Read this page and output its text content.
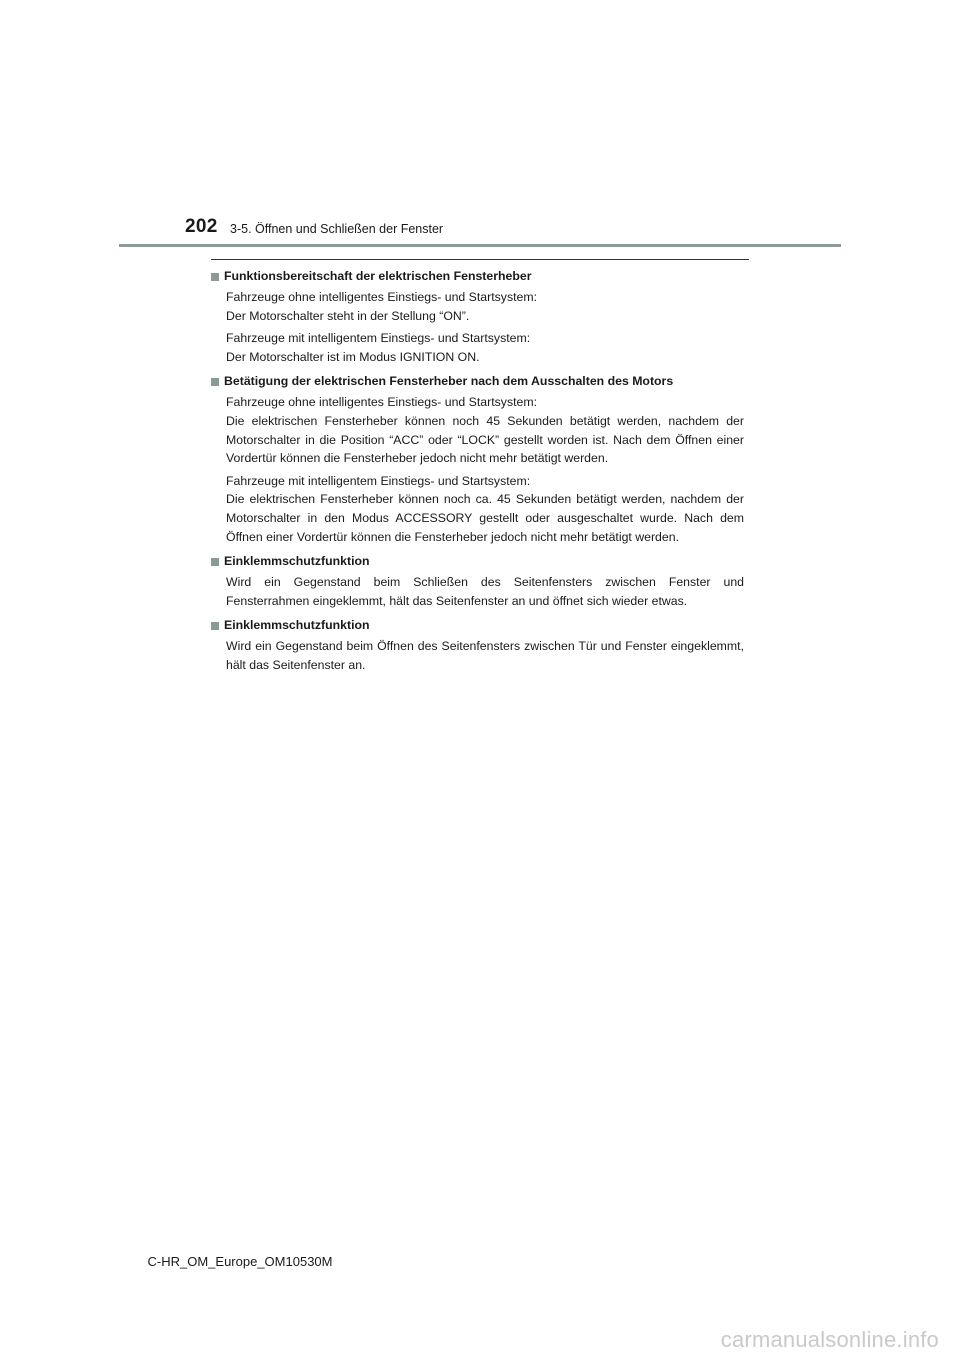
202 3-5. Öffnen und Schließen der Fenster
Funktionsbereitschaft der elektrischen Fensterheber

Fahrzeuge ohne intelligentes Einstiegs- und Startsystem:
Der Motorschalter steht in der Stellung “ON”.

Fahrzeuge mit intelligentem Einstiegs- und Startsystem:
Der Motorschalter ist im Modus IGNITION ON.

Betätigung der elektrischen Fensterheber nach dem Ausschalten des Motors

Fahrzeuge ohne intelligentes Einstiegs- und Startsystem:
Die elektrischen Fensterheber können noch 45 Sekunden betätigt werden, nachdem der Motorschalter in die Position “ACC” oder “LOCK” gestellt worden ist. Nach dem Öffnen einer Vordertür können die Fensterheber jedoch nicht mehr betätigt werden.

Fahrzeuge mit intelligentem Einstiegs- und Startsystem:
Die elektrischen Fensterheber können noch ca. 45 Sekunden betätigt werden, nachdem der Motorschalter in den Modus ACCESSORY gestellt oder ausgeschaltet wurde. Nach dem Öffnen einer Vordertür können die Fensterheber jedoch nicht mehr betätigt werden.

Einklemmschutzfunktion

Wird ein Gegenstand beim Schließen des Seitenfensters zwischen Fenster und Fensterrahmen eingeklemmt, hält das Seitenfenster an und öffnet sich wieder etwas.

Einklemmschutzfunktion

Wird ein Gegenstand beim Öffnen des Seitenfensters zwischen Tür und Fenster eingeklemmt, hält das Seitenfenster an.

C-HR_OM_Europe_OM10530M
carmanualsonline.info
